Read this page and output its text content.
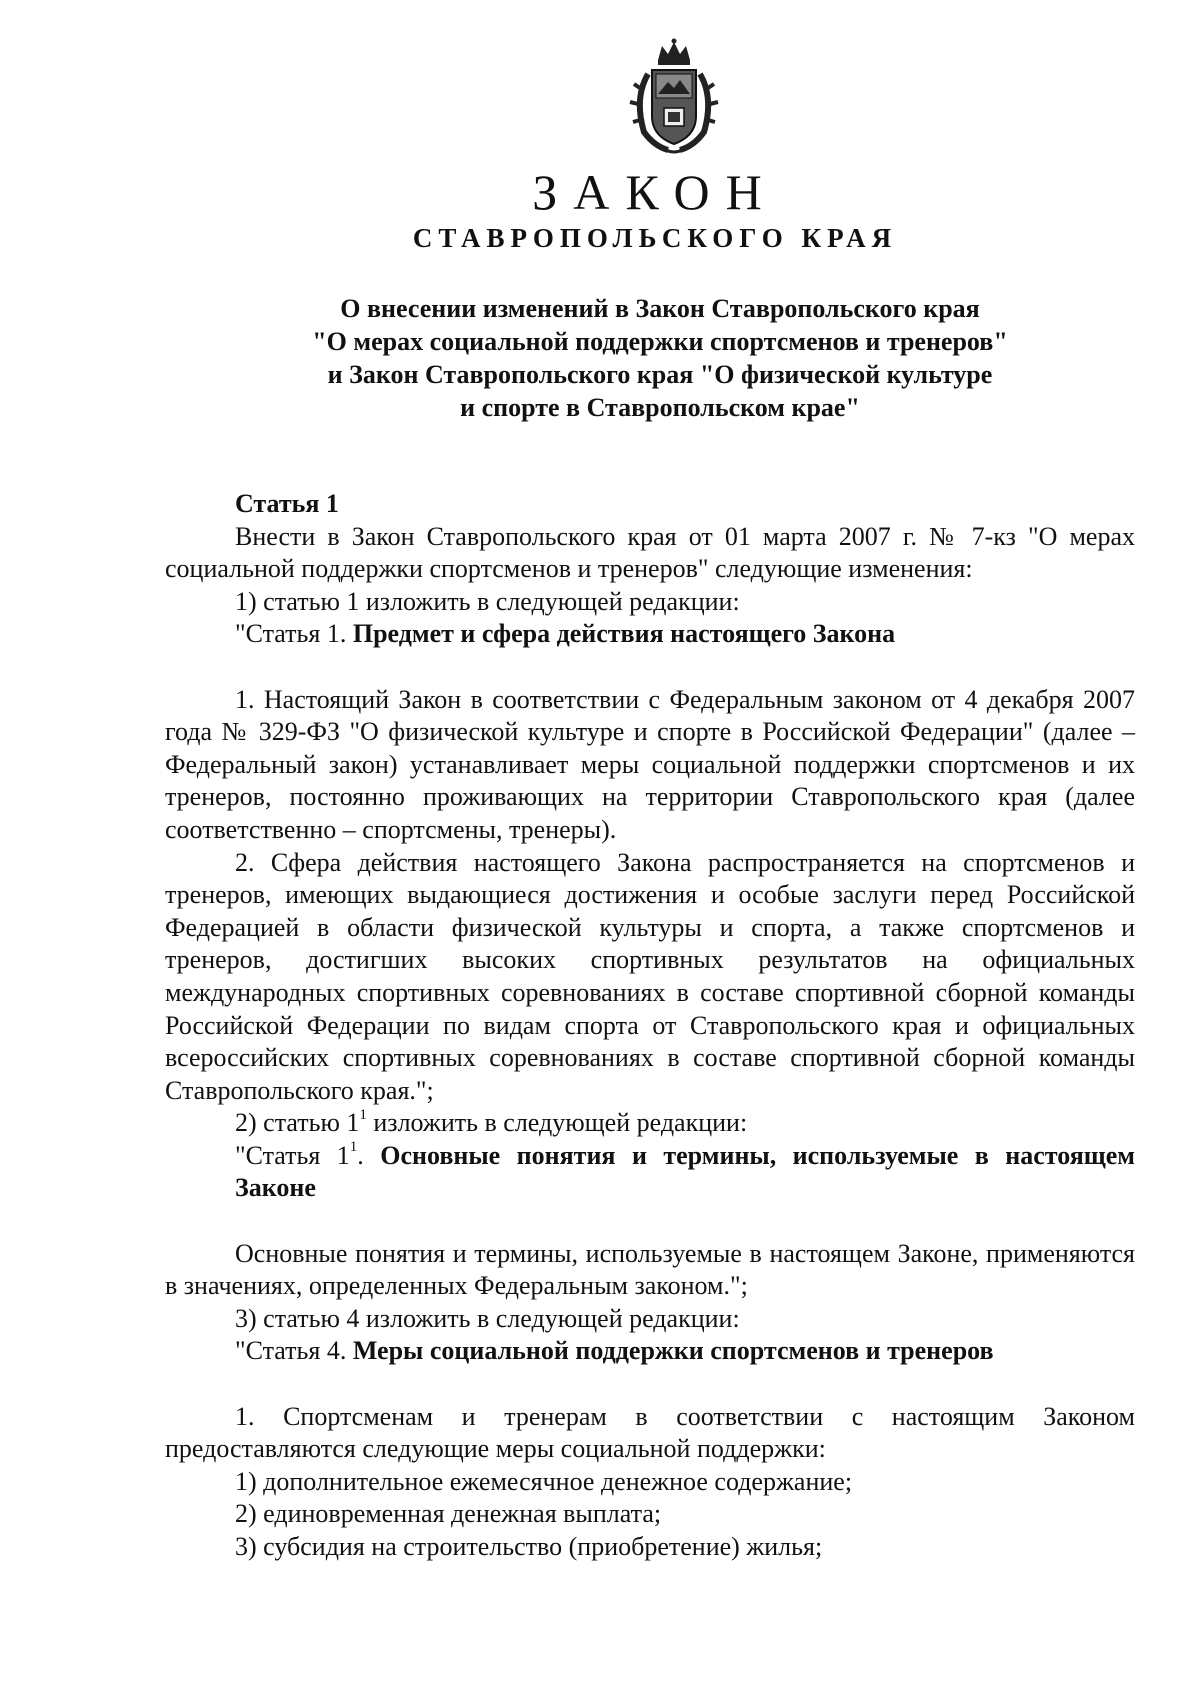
ЗАКОН
СТАВРОПОЛЬСКОГО КРАЯ
О внесении изменений в Закон Ставропольского края
"О мерах социальной поддержки спортсменов и тренеров"
и Закон Ставропольского края "О физической культуре
и спорте в Ставропольском крае"

Статья 1

Внести в Закон Ставропольского края от 01 марта 2007 г. № 7-кз "О мерах социальной поддержки спортсменов и тренеров" следующие изменения:

1) статью 1 изложить в следующей редакции:

"Статья 1. Предмет и сфера действия настоящего Закона

1. Настоящий Закон в соответствии с Федеральным законом от 4 декабря 2007 года № 329-ФЗ "О физической культуре и спорте в Российской Федерации" (далее – Федеральный закон) устанавливает меры социальной поддержки спортсменов и их тренеров, постоянно проживающих на территории Ставропольского края (далее соответственно – спортсмены, тренеры).

2. Сфера действия настоящего Закона распространяется на спортсменов и тренеров, имеющих выдающиеся достижения и особые заслуги перед Российской Федерацией в области физической культуры и спорта, а также спортсменов и тренеров, достигших высоких спортивных результатов на официальных международных спортивных соревнованиях в составе спортивной сборной команды Российской Федерации по видам спорта от Ставропольского края и официальных всероссийских спортивных соревнованиях в составе спортивной сборной команды Ставропольского края.";

2) статью $1^1$ изложить в следующей редакции:

"Статья $1^1$. Основные понятия и термины, используемые в настоящем Законе

Основные понятия и термины, используемые в настоящем Законе, применяются в значениях, определенных Федеральным законом.";

3) статью 4 изложить в следующей редакции:

"Статья 4. Меры социальной поддержки спортсменов и тренеров

1. Спортсменам и тренерам в соответствии с настоящим Законом предоставляются следующие меры социальной поддержки:

1) дополнительное ежемесячное денежное содержание;

2) единовременная денежная выплата;

3) субсидия на строительство (приобретение) жилья;
